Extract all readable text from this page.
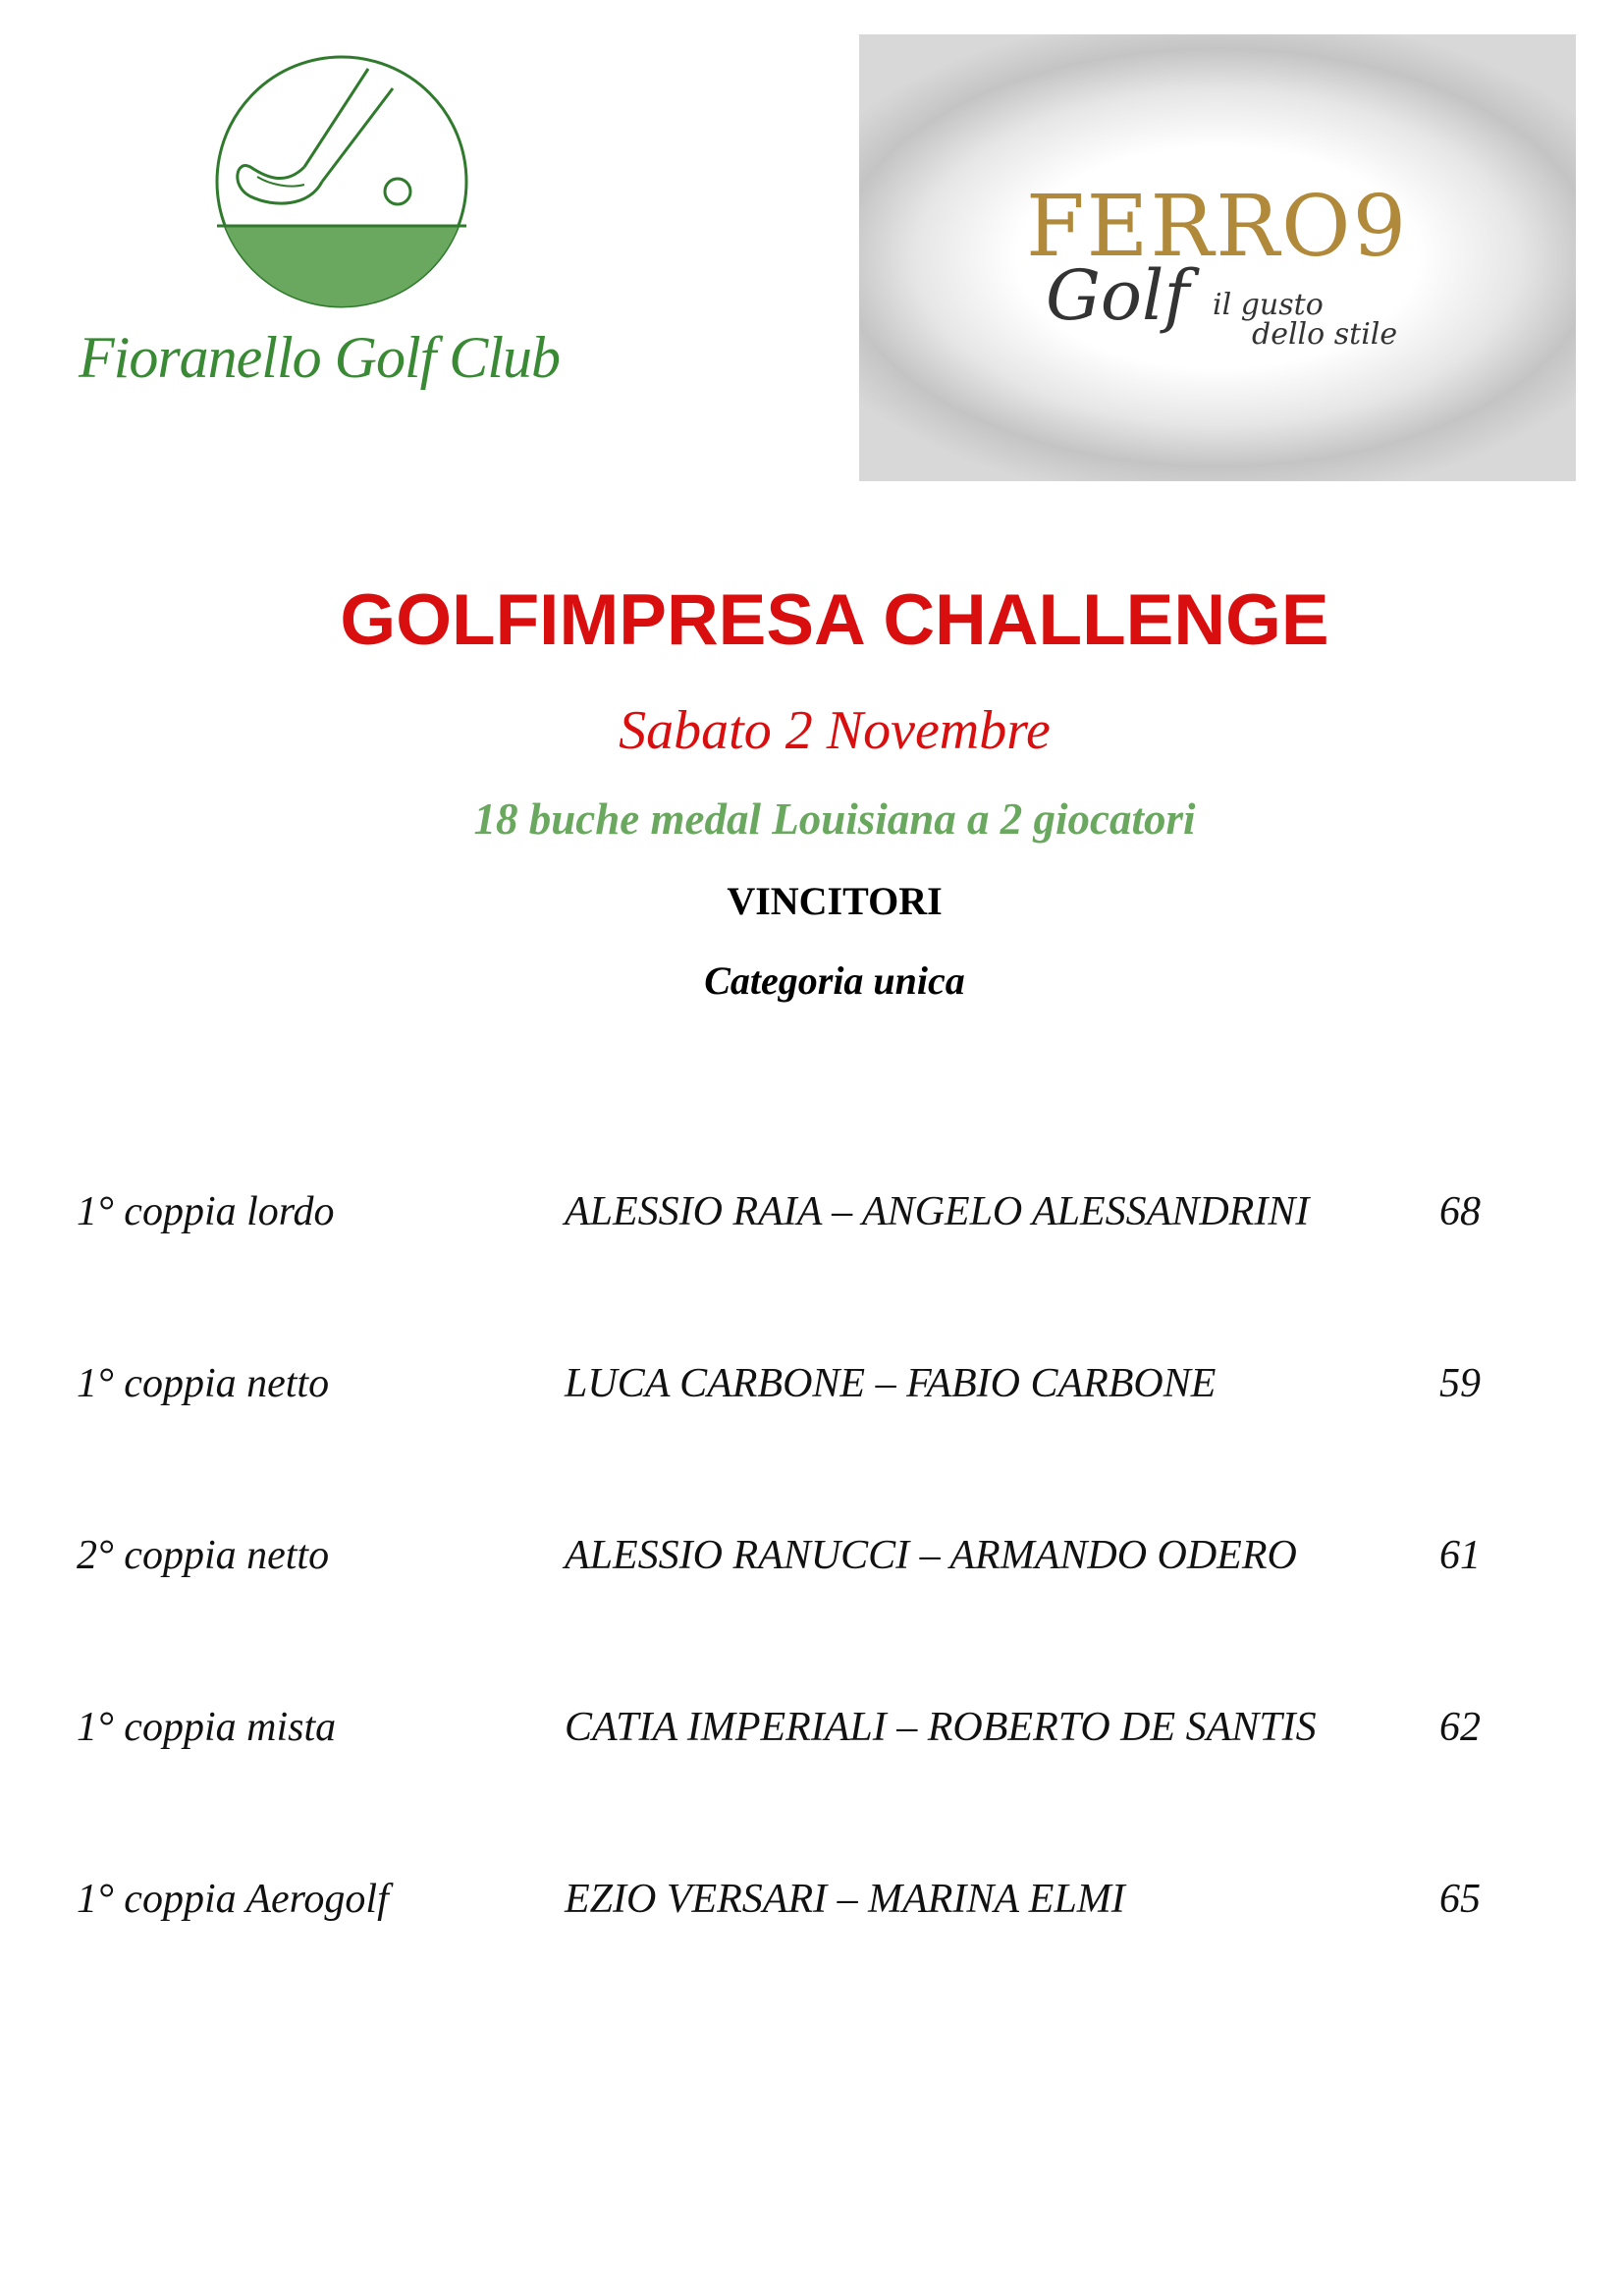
Fioranello Golf Club
FERRO9
Golf il gusto
dello stile
GOLFIMPRESA CHALLENGE
Sabato 2 Novembre
18 buche medal Louisiana a 2 giocatori
VINCITORI
Categoria unica
1° coppia lordo	ALESSIO RAIA – ANGELO ALESSANDRINI	68
1° coppia netto	LUCA CARBONE – FABIO CARBONE	59
2° coppia netto	ALESSIO RANUCCI – ARMANDO ODERO	61
1° coppia mista	CATIA IMPERIALI – ROBERTO DE SANTIS	62
1° coppia Aerogolf	EZIO VERSARI – MARINA ELMI	65
